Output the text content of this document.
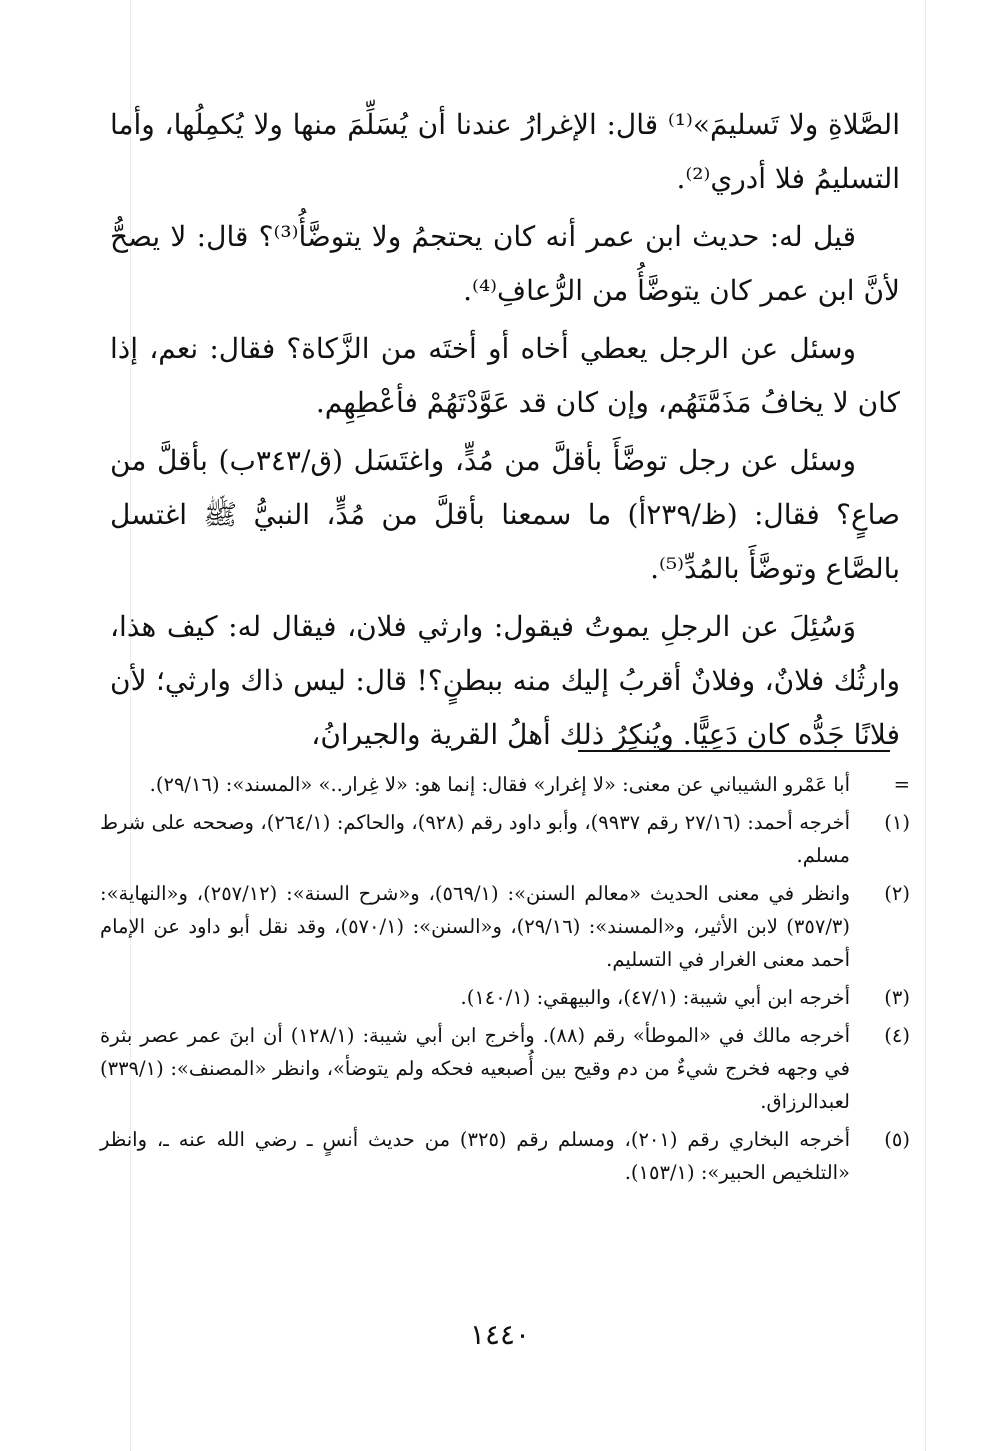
الصَّلاةِ ولا تَسليمَ»⁽¹⁾ قال: الإغرارُ عندنا أن يُسَلِّمَ منها ولا يُكمِلُها، وأما التسليمُ فلا أدري⁽²⁾.

قيل له: حديث ابن عمر أنه كان يحتجمُ ولا يتوضَّأُ⁽³⁾؟ قال: لا يصحُّ لأنَّ ابن عمر كان يتوضَّأُ من الرُّعافِ⁽⁴⁾.

وسئل عن الرجل يعطي أخاه أو أختَه من الزَّكاة؟ فقال: نعم، إذا كان لا يخافُ مَذَمَّتَهُم، وإن كان قد عَوَّدْتَهُمْ فأعْطِهِم.

وسئل عن رجل توضَّأَ بأقلَّ من مُدٍّ، واغتَسَل (ق/٣٤٣ب) بأقلَّ من صاعٍ؟ فقال: (ظ/٢٣٩أ) ما سمعنا بأقلَّ من مُدٍّ، النبيُّ ﷺ اغتسل بالصَّاع وتوضَّأَ بالمُدِّ⁽⁵⁾.

وَسُئِلَ عن الرجلِ يموتُ فيقول: وارثي فلان، فيقال له: كيف هذا، وارثُك فلانٌ، وفلانٌ أقربُ إليك منه ببطنٍ؟! قال: ليس ذاك وارثي؛ لأن فلانًا جَدُّه كان دَعِيًّا. ويُنكِرُ ذلك أهلُ القرية والجيرانُ،

=
أبا عَمْرو الشيباني عن معنى: «لا إغرار» فقال: إنما هو: «لا غِرار..» «المسند»: (٢٩/١٦).
(١)
أخرجه أحمد: (٢٧/١٦ رقم ٩٩٣٧)، وأبو داود رقم (٩٢٨)، والحاكم: (٢٦٤/١)، وصححه على شرط مسلم.
(٢)
وانظر في معنى الحديث «معالم السنن»: (٥٦٩/١)، و«شرح السنة»: (٢٥٧/١٢)، و«النهاية»: (٣٥٧/٣) لابن الأثير، و«المسند»: (٢٩/١٦)، و«السنن»: (٥٧٠/١)، وقد نقل أبو داود عن الإمام أحمد معنى الغرار في التسليم.
(٣)
أخرجه ابن أبي شيبة: (٤٧/١)، والبيهقي: (١٤٠/١).
(٤)
أخرجه مالك في «الموطأ» رقم (٨٨). وأخرج ابن أبي شيبة: (١٢٨/١) أن ابنَ عمر عصر بثرة في وجهه فخرج شيءٌ من دم وقيح بين أُصبعيه فحكه ولم يتوضأ»، وانظر «المصنف»: (٣٣٩/١) لعبدالرزاق.
(٥)
أخرجه البخاري رقم (٢٠١)، ومسلم رقم (٣٢٥) من حديث أنسٍ ـ رضي الله عنه ـ، وانظر «التلخيص الحبير»: (١٥٣/١).
١٤٤٠
